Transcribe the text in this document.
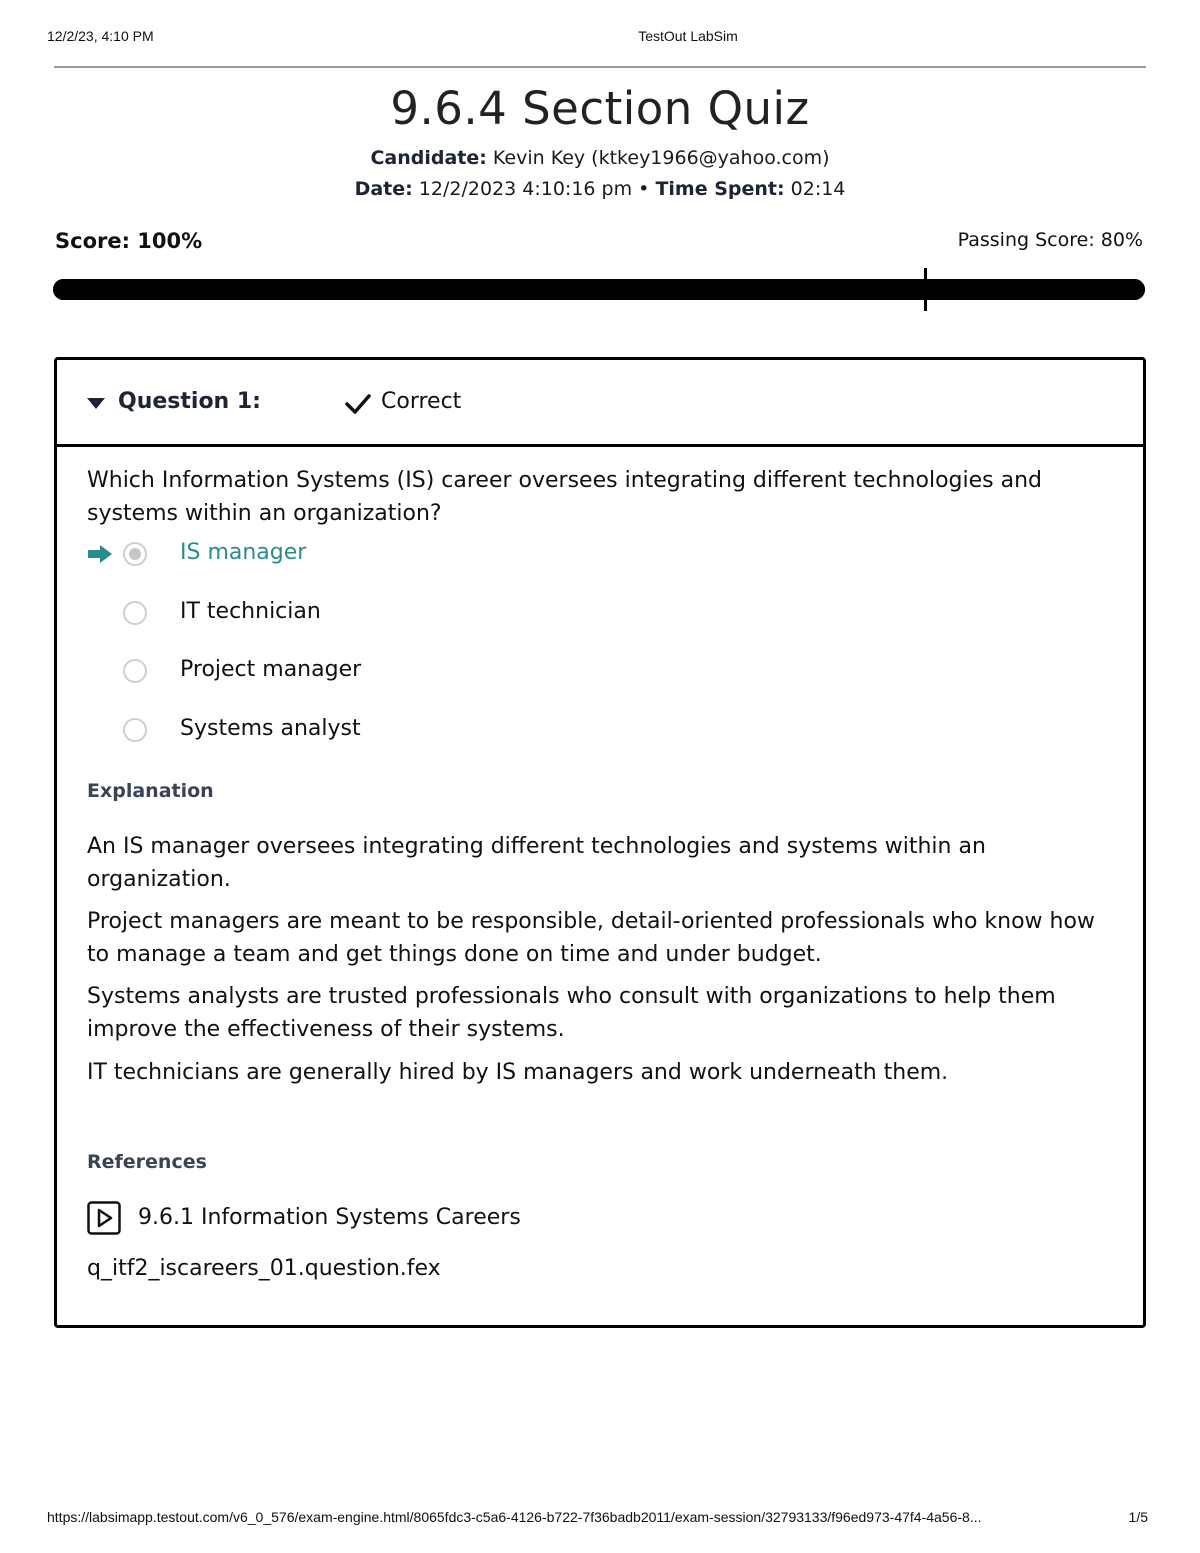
12/2/23, 4:10 PM	TestOut LabSim
9.6.4 Section Quiz
Candidate: Kevin Key (ktkey1966@yahoo.com)
Date: 12/2/2023 4:10:16 pm • Time Spent: 02:14
Score: 100%	Passing Score: 80%
Question 1:	Correct
Which Information Systems (IS) career oversees integrating different technologies and systems within an organization?
IS manager
IT technician
Project manager
Systems analyst
Explanation
An IS manager oversees integrating different technologies and systems within an organization.
Project managers are meant to be responsible, detail-oriented professionals who know how to manage a team and get things done on time and under budget.
Systems analysts are trusted professionals who consult with organizations to help them improve the effectiveness of their systems.
IT technicians are generally hired by IS managers and work underneath them.
References
9.6.1 Information Systems Careers
q_itf2_iscareers_01.question.fex
https://labsimapp.testout.com/v6_0_576/exam-engine.html/8065fdc3-c5a6-4126-b722-7f36badb2011/exam-session/32793133/f96ed973-47f4-4a56-8...	1/5
